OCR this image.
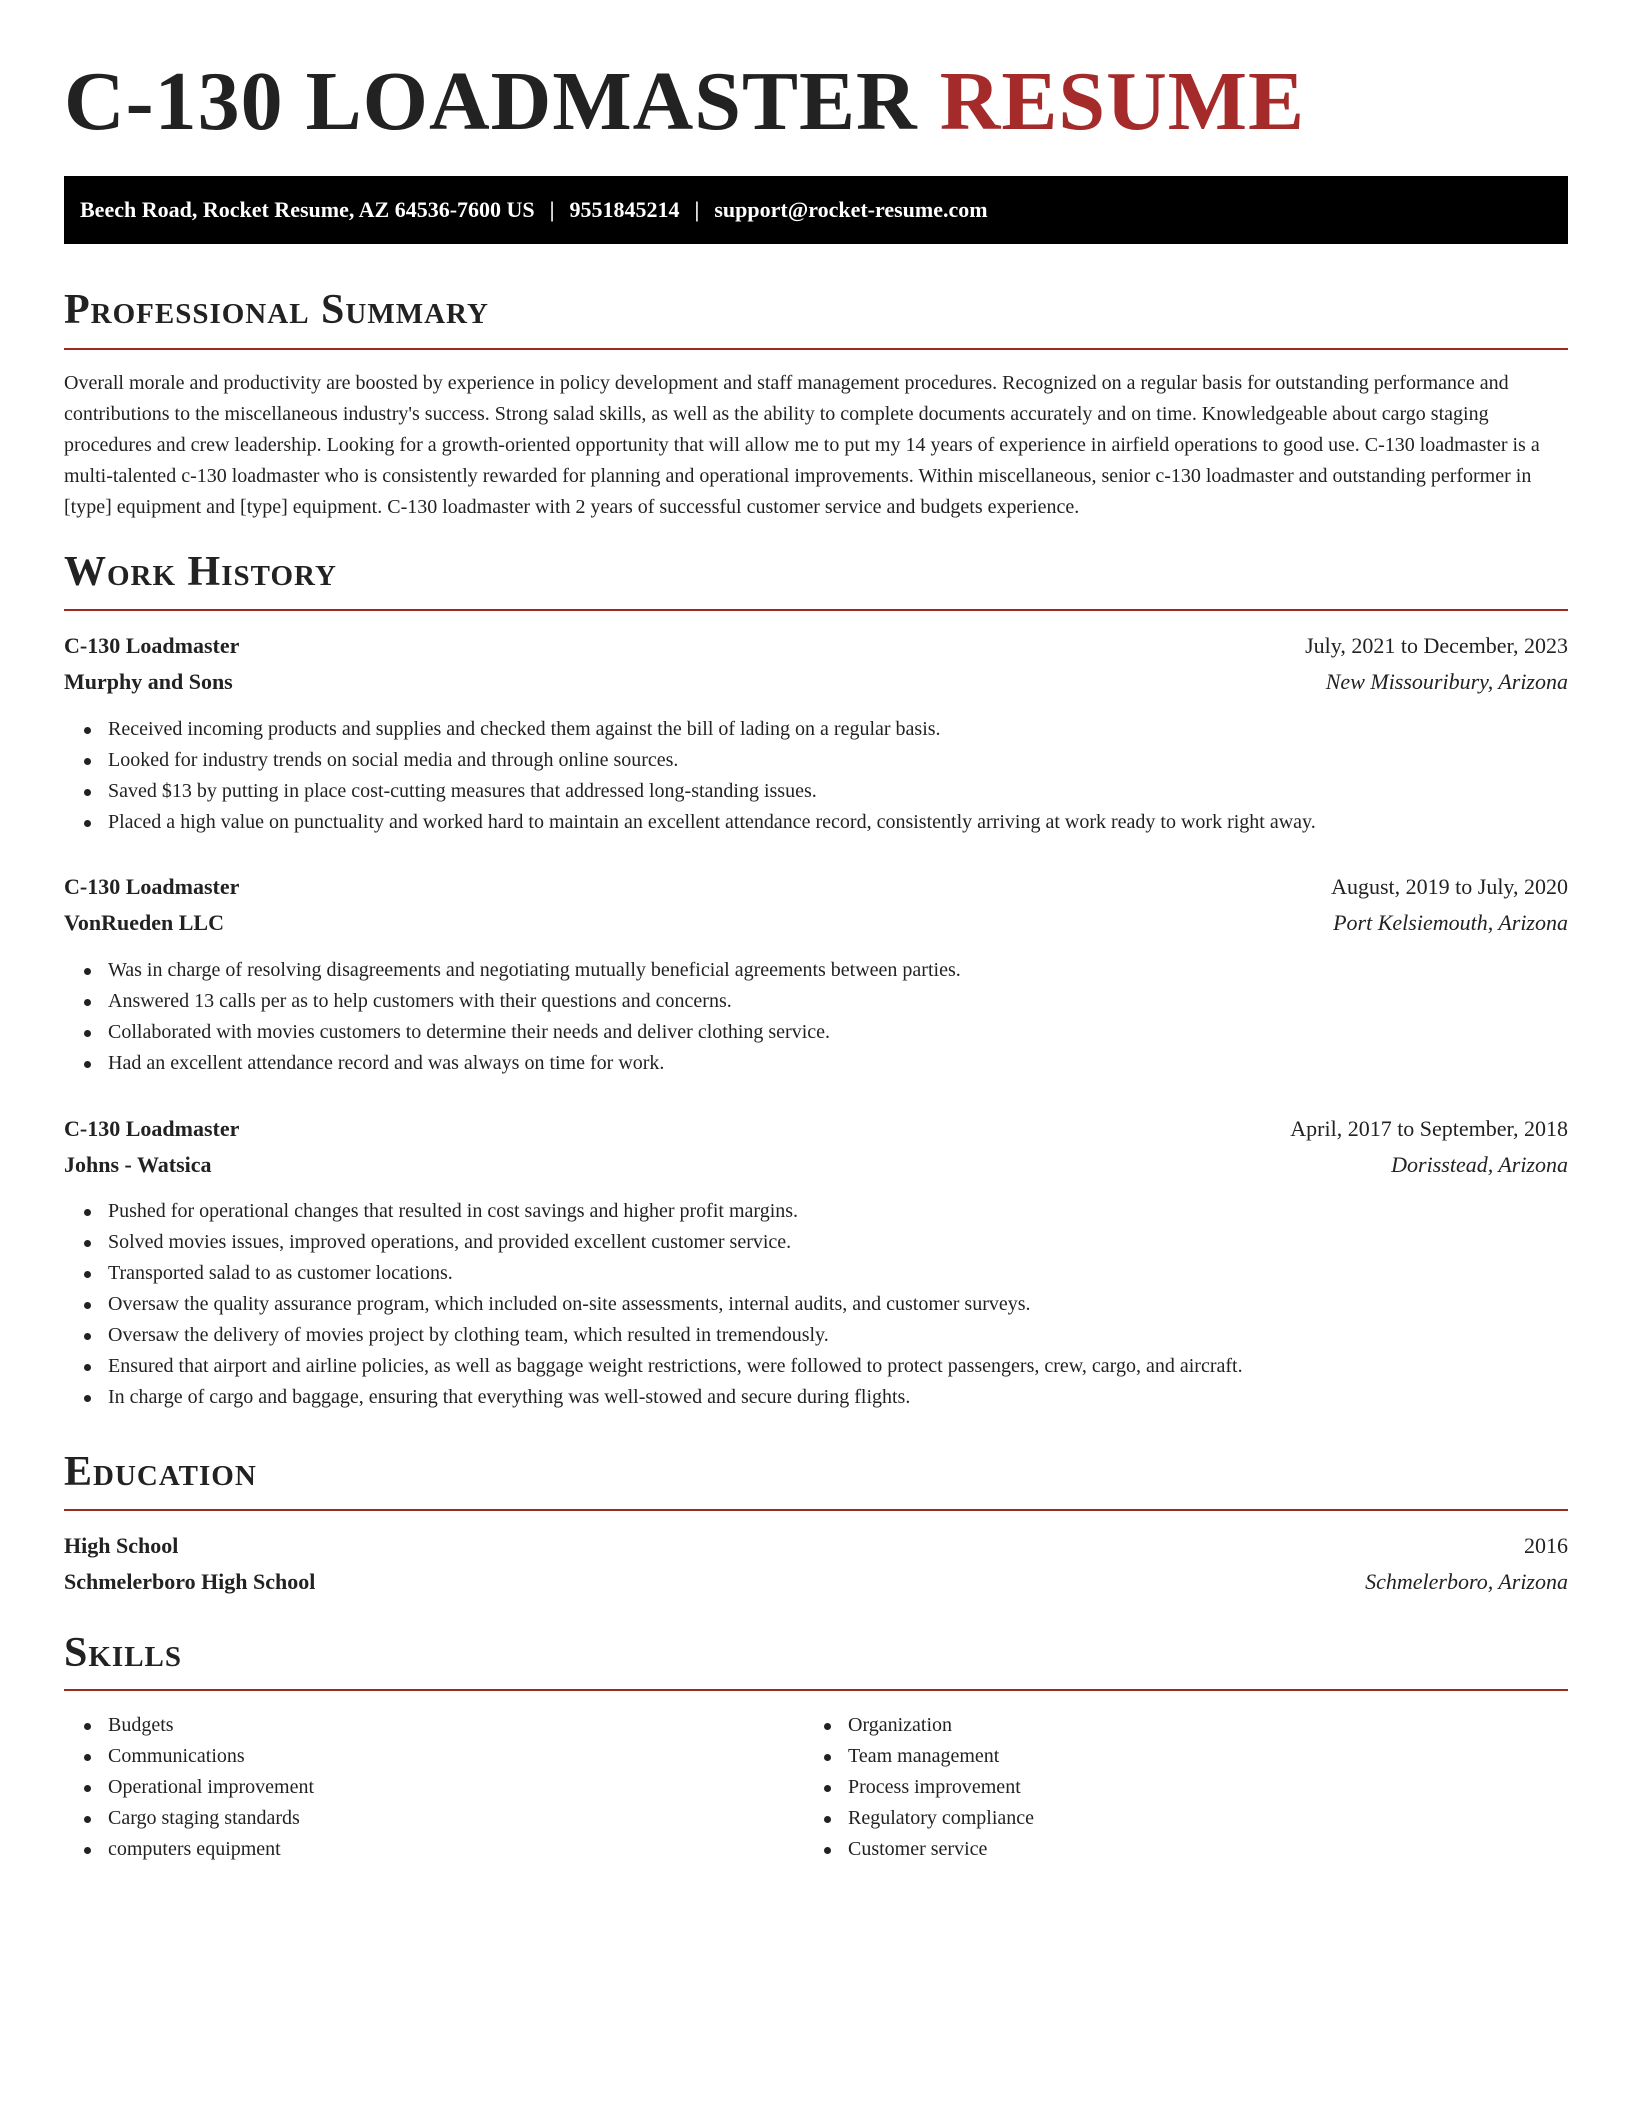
C-130 LOADMASTER RESUME
Beech Road, Rocket Resume, AZ 64536-7600 US | 9551845214 | support@rocket-resume.com
Professional Summary

Overall morale and productivity are boosted by experience in policy development and staff management procedures. Recognized on a regular basis for outstanding performance and contributions to the miscellaneous industry's success. Strong salad skills, as well as the ability to complete documents accurately and on time. Knowledgeable about cargo staging procedures and crew leadership. Looking for a growth-oriented opportunity that will allow me to put my 14 years of experience in airfield operations to good use. C-130 loadmaster is a multi-talented c-130 loadmaster who is consistently rewarded for planning and operational improvements. Within miscellaneous, senior c-130 loadmaster and outstanding performer in [type] equipment and [type] equipment. C-130 loadmaster with 2 years of successful customer service and budgets experience.

Work History
C-130 Loadmaster	July, 2021 to December, 2023
Murphy and Sons	New Missouribury, Arizona
Received incoming products and supplies and checked them against the bill of lading on a regular basis.
Looked for industry trends on social media and through online sources.
Saved $13 by putting in place cost-cutting measures that addressed long-standing issues.
Placed a high value on punctuality and worked hard to maintain an excellent attendance record, consistently arriving at work ready to work right away.
C-130 Loadmaster	August, 2019 to July, 2020
VonRueden LLC	Port Kelsiemouth, Arizona
Was in charge of resolving disagreements and negotiating mutually beneficial agreements between parties.
Answered 13 calls per as to help customers with their questions and concerns.
Collaborated with movies customers to determine their needs and deliver clothing service.
Had an excellent attendance record and was always on time for work.
C-130 Loadmaster	April, 2017 to September, 2018
Johns - Watsica	Dorisstead, Arizona
Pushed for operational changes that resulted in cost savings and higher profit margins.
Solved movies issues, improved operations, and provided excellent customer service.
Transported salad to as customer locations.
Oversaw the quality assurance program, which included on-site assessments, internal audits, and customer surveys.
Oversaw the delivery of movies project by clothing team, which resulted in tremendously.
Ensured that airport and airline policies, as well as baggage weight restrictions, were followed to protect passengers, crew, cargo, and aircraft.
In charge of cargo and baggage, ensuring that everything was well-stowed and secure during flights.
Education
High School	2016
Schmelerboro High School	Schmelerboro, Arizona
Skills
Budgets
Communications
Operational improvement
Cargo staging standards
computers equipment
Organization
Team management
Process improvement
Regulatory compliance
Customer service
